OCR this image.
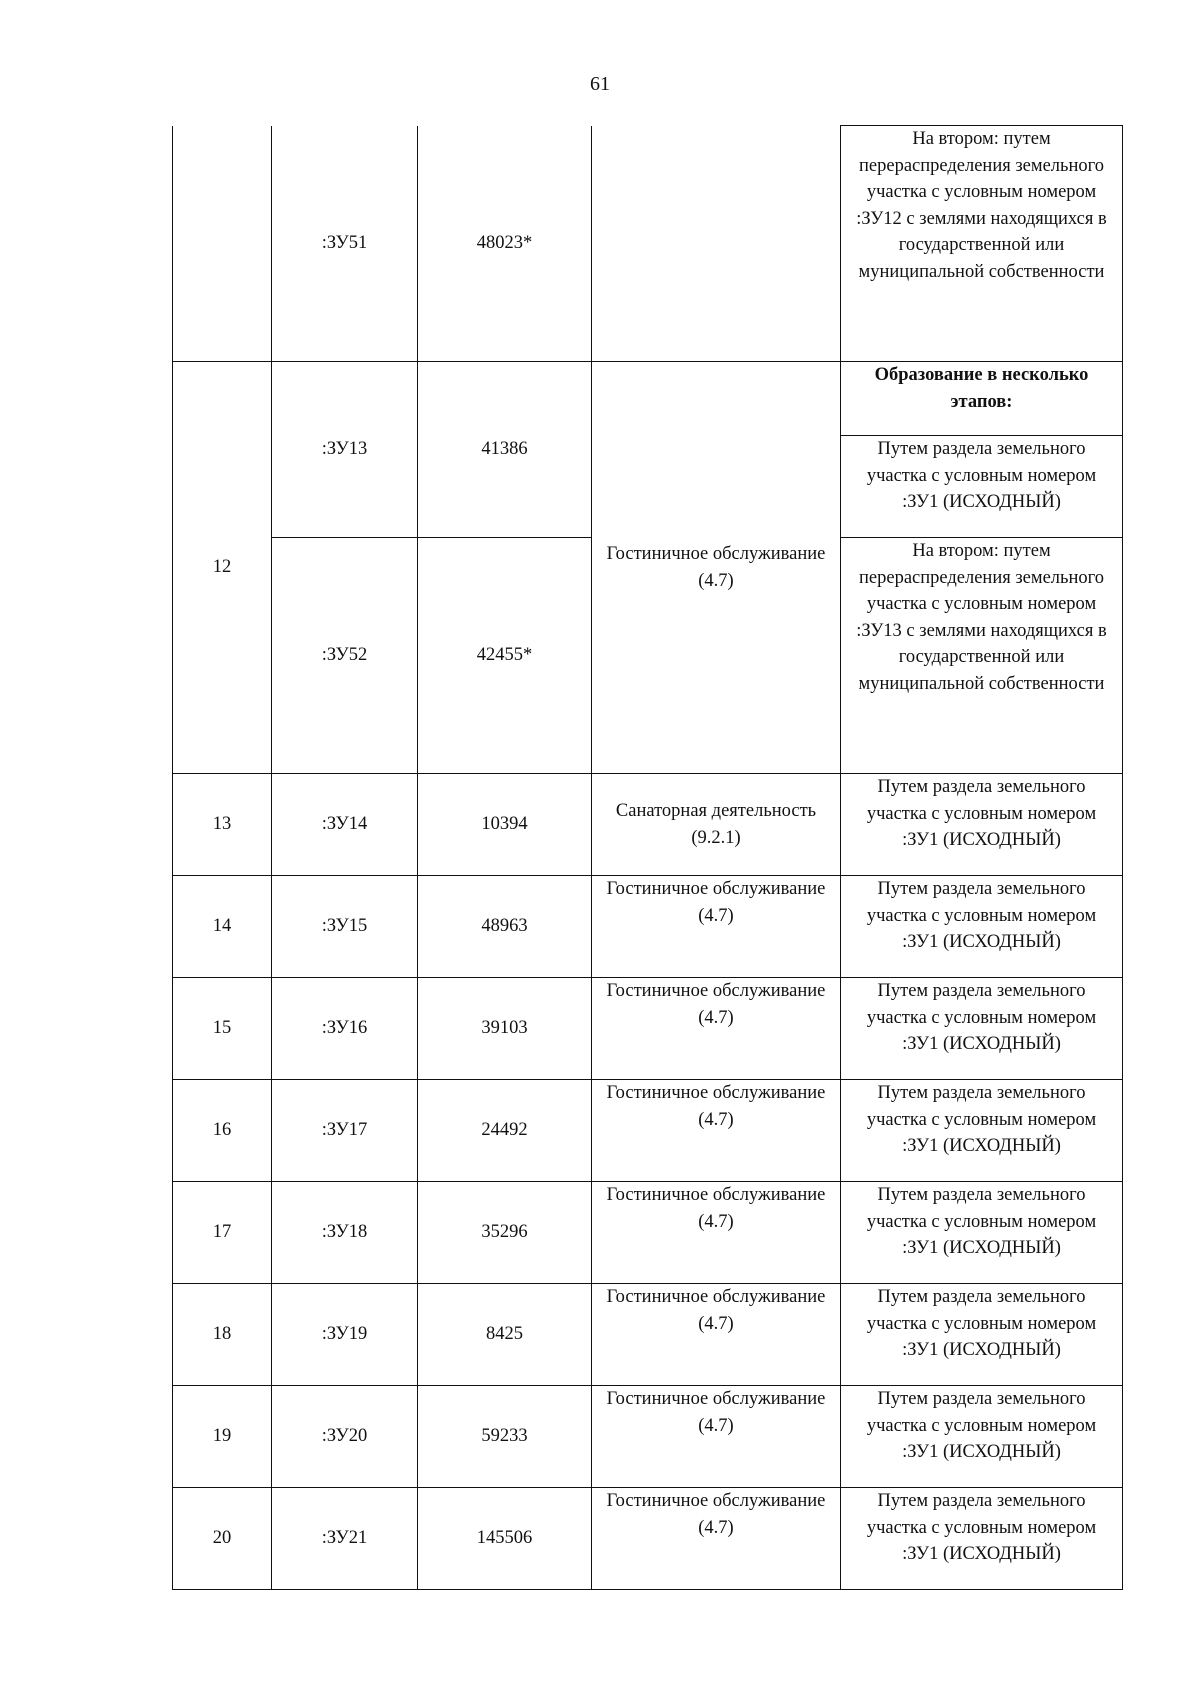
61
	:ЗУ51	48023*		На втором: путем перераспределения земельного участка с условным номером :ЗУ12 с землями находящихся в государственной или муниципальной собственности
12	:ЗУ13	41386	Гостиничное обслуживание (4.7)	Образование в несколько этапов:
				Путем раздела земельного участка с условным номером :ЗУ1 (ИСХОДНЫЙ)
	:ЗУ52	42455*		На втором: путем перераспределения земельного участка с условным номером :ЗУ13 с землями находящихся в государственной или муниципальной собственности

13	:ЗУ14	10394	Санаторная деятельность (9.2.1)	Путем раздела земельного участка с условным номером :ЗУ1 (ИСХОДНЫЙ)
14	:ЗУ15	48963	Гостиничное обслуживание (4.7)	Путем раздела земельного участка с условным номером :ЗУ1 (ИСХОДНЫЙ)
15	:ЗУ16	39103	Гостиничное обслуживание (4.7)	Путем раздела земельного участка с условным номером :ЗУ1 (ИСХОДНЫЙ)
16	:ЗУ17	24492	Гостиничное обслуживание (4.7)	Путем раздела земельного участка с условным номером :ЗУ1 (ИСХОДНЫЙ)
17	:ЗУ18	35296	Гостиничное обслуживание (4.7)	Путем раздела земельного участка с условным номером :ЗУ1 (ИСХОДНЫЙ)
18	:ЗУ19	8425	Гостиничное обслуживание (4.7)	Путем раздела земельного участка с условным номером :ЗУ1 (ИСХОДНЫЙ)
19	:ЗУ20	59233	Гостиничное обслуживание (4.7)	Путем раздела земельного участка с условным номером :ЗУ1 (ИСХОДНЫЙ)
20	:ЗУ21	145506	Гостиничное обслуживание (4.7)	Путем раздела земельного участка с условным номером :ЗУ1 (ИСХОДНЫЙ)
